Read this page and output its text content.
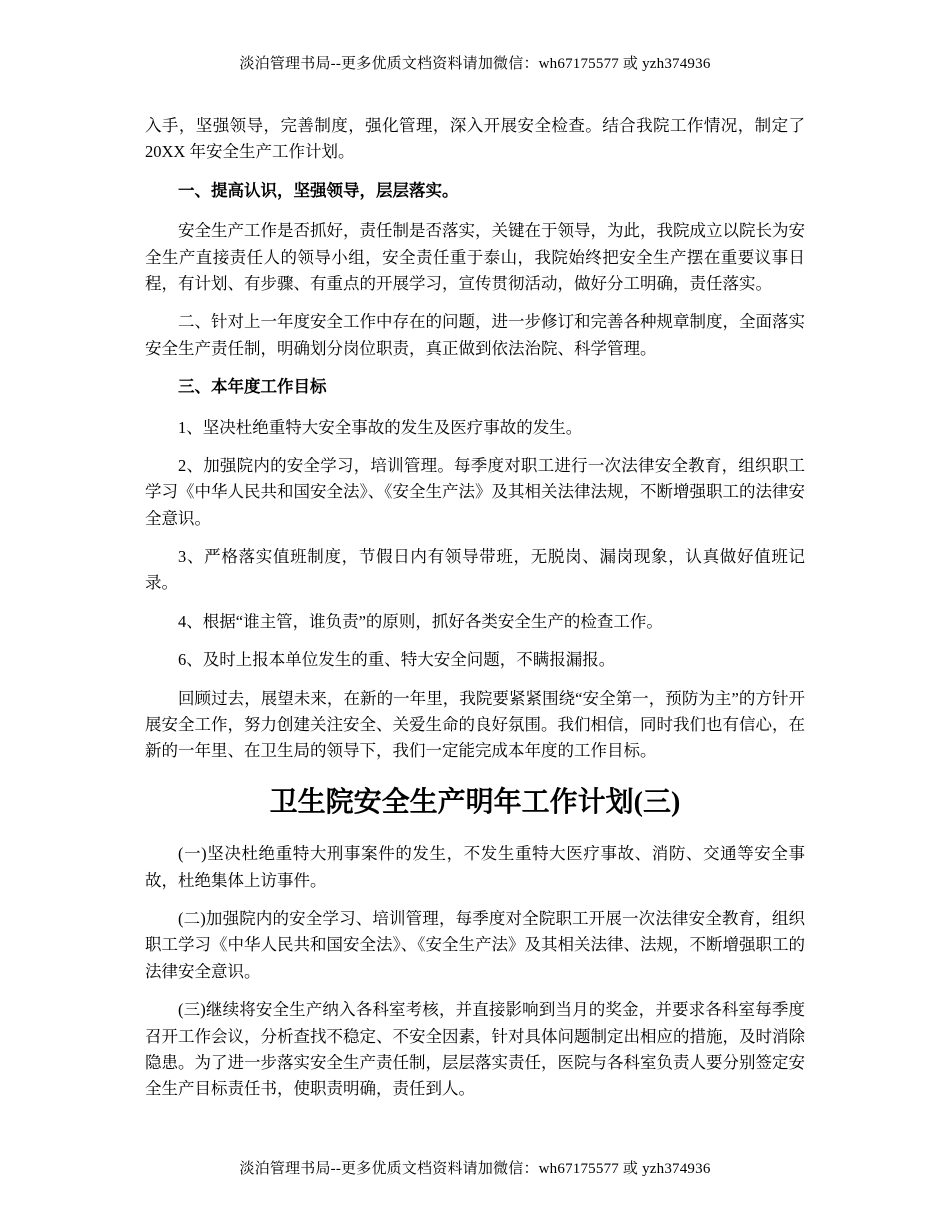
淡泊管理书局--更多优质文档资料请加微信：wh67175577 或 yzh374936

入手，坚强领导，完善制度，强化管理，深入开展安全检查。结合我院工作情况，制定了 20XX 年安全生产工作计划。

一、提高认识，坚强领导，层层落实。

安全生产工作是否抓好，责任制是否落实，关键在于领导，为此，我院成立以院长为安全生产直接责任人的领导小组，安全责任重于泰山，我院始终把安全生产摆在重要议事日程，有计划、有步骤、有重点的开展学习，宣传贯彻活动，做好分工明确，责任落实。

二、针对上一年度安全工作中存在的问题，进一步修订和完善各种规章制度，全面落实安全生产责任制，明确划分岗位职责，真正做到依法治院、科学管理。

三、本年度工作目标

1、坚决杜绝重特大安全事故的发生及医疗事故的发生。

2、加强院内的安全学习，培训管理。每季度对职工进行一次法律安全教育，组织职工学习《中华人民共和国安全法》、《安全生产法》及其相关法律法规，不断增强职工的法律安全意识。

3、严格落实值班制度，节假日内有领导带班，无脱岗、漏岗现象，认真做好值班记录。

4、根据“谁主管，谁负责”的原则，抓好各类安全生产的检查工作。

6、及时上报本单位发生的重、特大安全问题，不瞒报漏报。

回顾过去，展望未来，在新的一年里，我院要紧紧围绕“安全第一，预防为主”的方针开展安全工作，努力创建关注安全、关爱生命的良好氛围。我们相信，同时我们也有信心，在新的一年里、在卫生局的领导下，我们一定能完成本年度的工作目标。

卫生院安全生产明年工作计划(三)

(一)坚决杜绝重特大刑事案件的发生，不发生重特大医疗事故、消防、交通等安全事故，杜绝集体上访事件。

(二)加强院内的安全学习、培训管理，每季度对全院职工开展一次法律安全教育，组织职工学习《中华人民共和国安全法》、《安全生产法》及其相关法律、法规，不断增强职工的法律安全意识。

(三)继续将安全生产纳入各科室考核，并直接影响到当月的奖金，并要求各科室每季度召开工作会议，分析查找不稳定、不安全因素，针对具体问题制定出相应的措施，及时消除隐患。为了进一步落实安全生产责任制，层层落实责任，医院与各科室负责人要分别签定安全生产目标责任书，使职责明确，责任到人。

淡泊管理书局--更多优质文档资料请加微信：wh67175577 或 yzh374936
